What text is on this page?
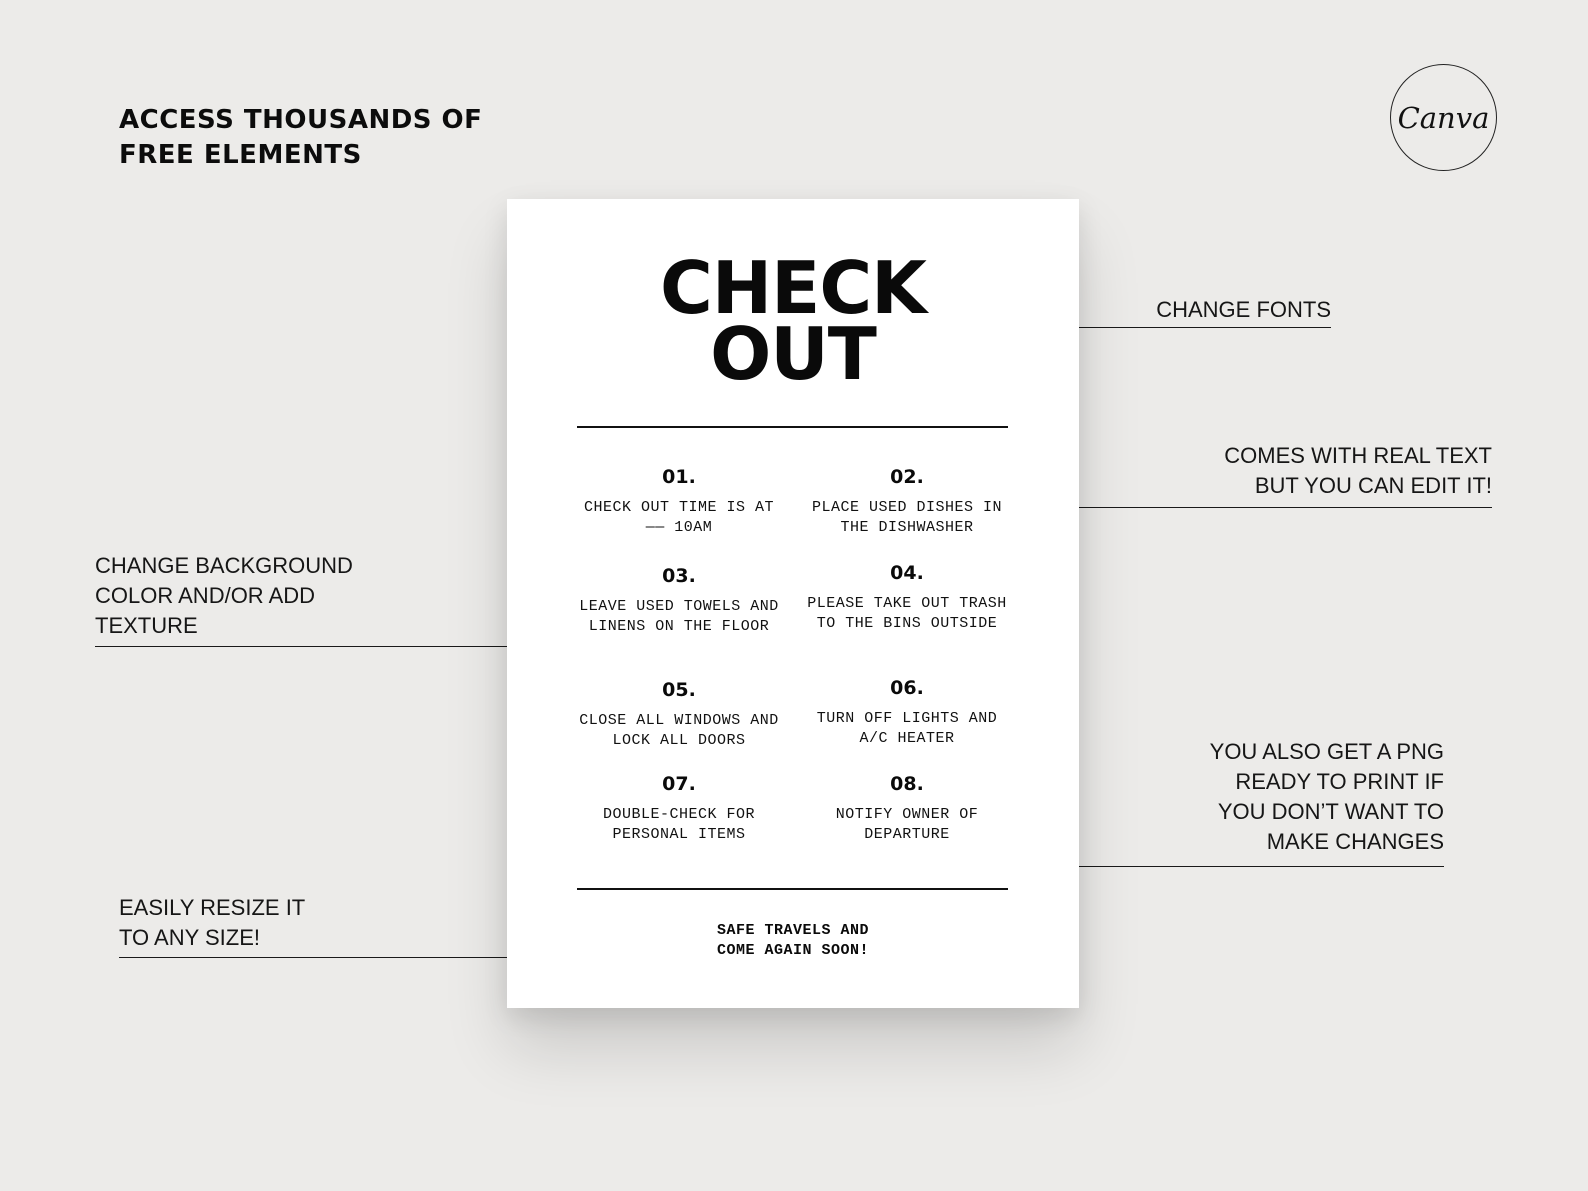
ACCESS THOUSANDS OF
FREE ELEMENTS
Canva
CHANGE FONTS
COMES WITH REAL TEXT
BUT YOU CAN EDIT IT!
CHANGE BACKGROUND
COLOR AND/OR ADD
TEXTURE
YOU ALSO GET A PNG
READY TO PRINT IF
YOU DON’T WANT TO
MAKE CHANGES
EASILY RESIZE IT
TO ANY SIZE!
CHECK
OUT
01.
CHECK OUT TIME IS AT —— 10AM
02.
PLACE USED DISHES IN THE DISHWASHER
03.
LEAVE USED TOWELS AND LINENS ON THE FLOOR
04.
PLEASE TAKE OUT TRASH TO THE BINS OUTSIDE
05.
CLOSE ALL WINDOWS AND LOCK ALL DOORS
06.
TURN OFF LIGHTS AND A/C HEATER
07.
DOUBLE-CHECK FOR PERSONAL ITEMS
08.
NOTIFY OWNER OF DEPARTURE
SAFE TRAVELS AND
COME AGAIN SOON!
